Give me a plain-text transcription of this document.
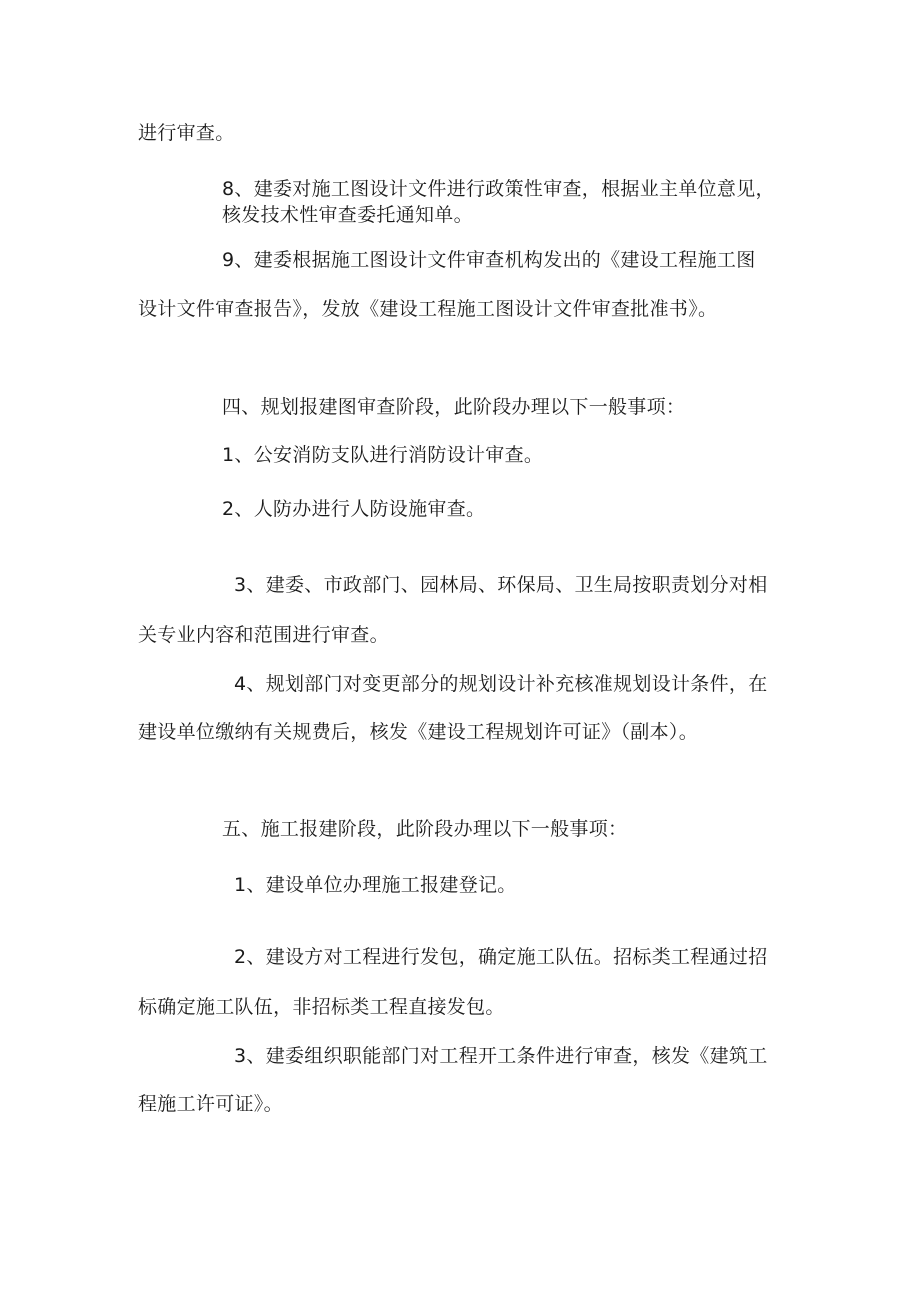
进行审查。
8、建委对施工图设计文件进行政策性审查，根据业主单位意见，
核发技术性审查委托通知单。
9、建委根据施工图设计文件审查机构发出的《建设工程施工图
设计文件审查报告》，发放《建设工程施工图设计文件审查批准书》。
四、规划报建图审查阶段，此阶段办理以下一般事项：
1、公安消防支队进行消防设计审查。
2、人防办进行人防设施审查。
3、建委、市政部门、园林局、环保局、卫生局按职责划分对相
关专业内容和范围进行审查。
4、规划部门对变更部分的规划设计补充核准规划设计条件，在
建设单位缴纳有关规费后，核发《建设工程规划许可证》（副本）。
五、施工报建阶段，此阶段办理以下一般事项：
1、建设单位办理施工报建登记。
2、建设方对工程进行发包，确定施工队伍。招标类工程通过招
标确定施工队伍，非招标类工程直接发包。
3、建委组织职能部门对工程开工条件进行审查，核发《建筑工
程施工许可证》。
